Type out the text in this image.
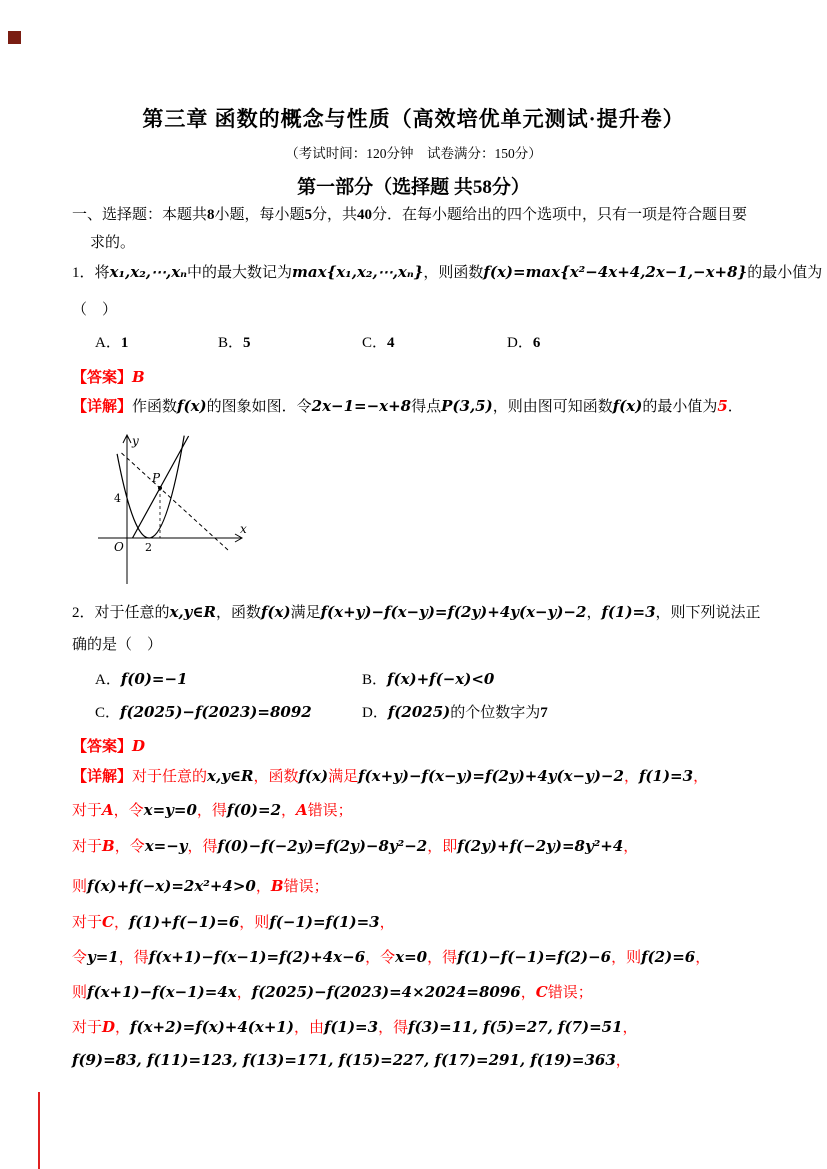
第三章 函数的概念与性质（高效培优单元测试·提升卷）
（考试时间：120分钟　试卷满分：150分）
第一部分（选择题 共58分）
一、选择题：本题共8小题，每小题5分，共40分．在每小题给出的四个选项中，只有一项是符合题目要
求的。
1．将x₁,x₂,⋯,xₙ中的最大数记为max{x₁,x₂,⋯,xₙ}，则函数f(x)=max{x²−4x+4,2x−1,−x+8}的最小值为
（　）
A．1	B．5	C．4	D．6
【答案】B
【详解】作函数f(x)的图象如图．令2x−1=−x+8得点P(3,5)，则由图可知函数f(x)的最小值为5．
2．对于任意的x,y∈R，函数f(x)满足f(x+y)−f(x−y)=f(2y)+4y(x−y)−2，f(1)=3，则下列说法正
确的是（　）
A．f(0)=−1	B．f(x)+f(−x)<0
C．f(2025)−f(2023)=8092	D．f(2025)的个位数字为7
【答案】D
【详解】对于任意的x,y∈R，函数f(x)满足f(x+y)−f(x−y)=f(2y)+4y(x−y)−2，f(1)=3，
对于A，令x=y=0，得f(0)=2，A错误；
对于B，令x=−y，得f(0)−f(−2y)=f(2y)−8y²−2，即f(2y)+f(−2y)=8y²+4，
则f(x)+f(−x)=2x²+4>0，B错误；
对于C，f(1)+f(−1)=6，则f(−1)=f(1)=3，
令y=1，得f(x+1)−f(x−1)=f(2)+4x−6，令x=0，得f(1)−f(−1)=f(2)−6，则f(2)=6，
则f(x+1)−f(x−1)=4x，f(2025)−f(2023)=4×2024=8096，C错误；
对于D，f(x+2)=f(x)+4(x+1)，由f(1)=3，得f(3)=11, f(5)=27, f(7)=51，
f(9)=83, f(11)=123, f(13)=171, f(15)=227, f(17)=291, f(19)=363，
P
y
x
O
4
2
